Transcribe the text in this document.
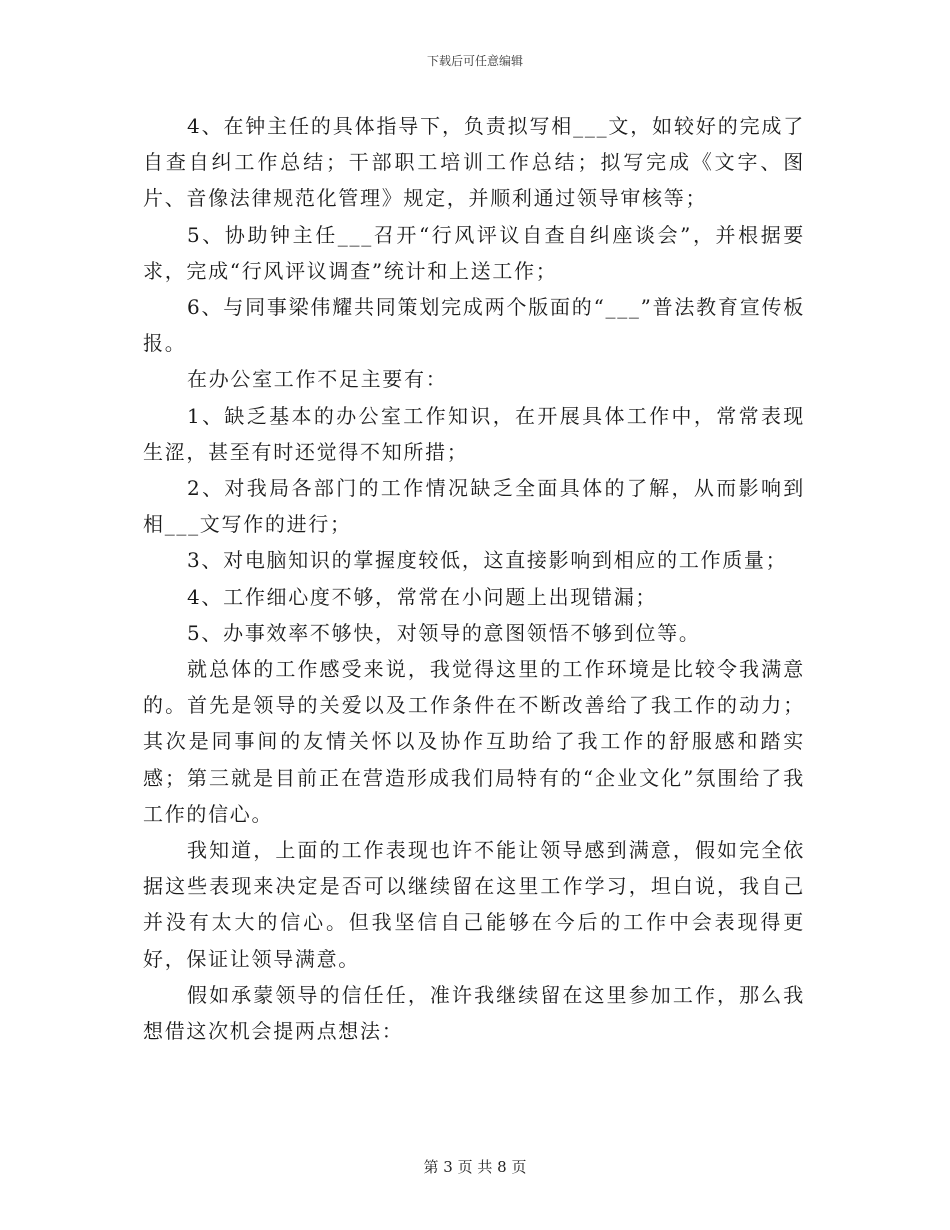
下载后可任意编辑

4、在钟主任的具体指导下，负责拟写相___文，如较好的完成了自查自纠工作总结；干部职工培训工作总结；拟写完成《文字、图片、音像法律规范化管理》规定，并顺利通过领导审核等；

5、协助钟主任___召开“行风评议自查自纠座谈会”，并根据要求，完成“行风评议调查”统计和上送工作；

6、与同事梁伟耀共同策划完成两个版面的“___”普法教育宣传板报。

在办公室工作不足主要有：

1、缺乏基本的办公室工作知识，在开展具体工作中，常常表现生涩，甚至有时还觉得不知所措；

2、对我局各部门的工作情况缺乏全面具体的了解，从而影响到相___文写作的进行；

3、对电脑知识的掌握度较低，这直接影响到相应的工作质量；

4、工作细心度不够，常常在小问题上出现错漏；

5、办事效率不够快，对领导的意图领悟不够到位等。

就总体的工作感受来说，我觉得这里的工作环境是比较令我满意的。首先是领导的关爱以及工作条件在不断改善给了我工作的动力；其次是同事间的友情关怀以及协作互助给了我工作的舒服感和踏实感；第三就是目前正在营造形成我们局特有的“企业文化”氛围给了我工作的信心。

我知道，上面的工作表现也许不能让领导感到满意，假如完全依据这些表现来决定是否可以继续留在这里工作学习，坦白说，我自己并没有太大的信心。但我坚信自己能够在今后的工作中会表现得更好，保证让领导满意。

假如承蒙领导的信任任，准许我继续留在这里参加工作，那么我想借这次机会提两点想法：

第 3 页 共 8 页
